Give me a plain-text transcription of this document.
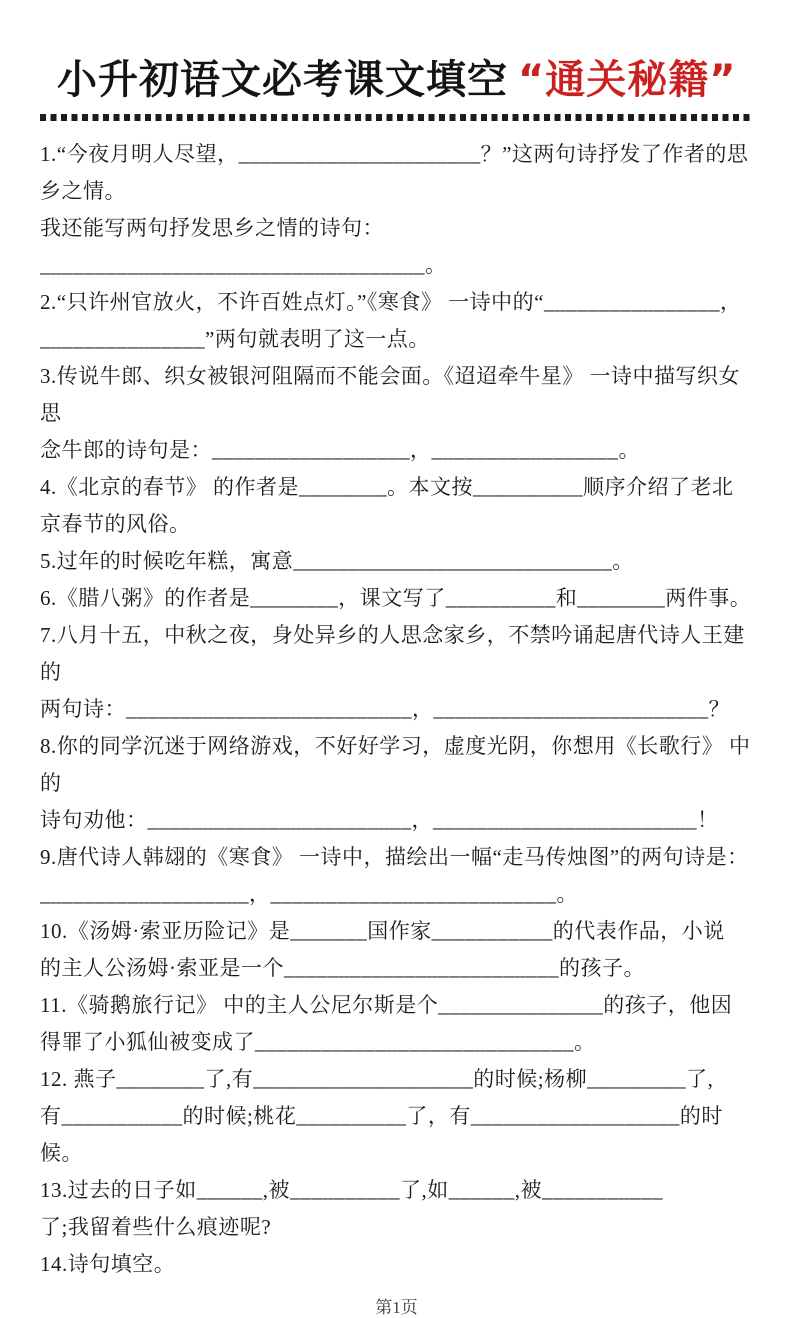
小升初语文必考课文填空 “通关秘籍”
1.“今夜月明人尽望，______________________？”这两句诗抒发了作者的思乡之情。
我还能写两句抒发思乡之情的诗句：___________________________________。
2.“只许州官放火，不许百姓点灯。”《寒食》 一诗中的“________________，
_______________”两句就表明了这一点。
3.传说牛郎、织女被银河阻隔而不能会面。《迢迢牵牛星》 一诗中描写织女思
念牛郎的诗句是：__________________，_________________。
4.《北京的春节》 的作者是________。本文按__________顺序介绍了老北
京春节的风俗。
5.过年的时候吃年糕，寓意_____________________________。
6.《腊八粥》的作者是________，课文写了__________和________两件事。
7.八月十五，中秋之夜，身处异乡的人思念家乡，不禁吟诵起唐代诗人王建的
两句诗：__________________________，_________________________？
8.你的同学沉迷于网络游戏，不好好学习，虚度光阴，你想用《长歌行》 中的
诗句劝他：________________________，________________________！
9.唐代诗人韩翃的《寒食》 一诗中，描绘出一幅“走马传烛图”的两句诗是：
___________________，__________________________。
10.《汤姆·索亚历险记》是_______国作家___________的代表作品，小说
的主人公汤姆·索亚是一个_________________________的孩子。
11.《骑鹅旅行记》 中的主人公尼尔斯是个_______________的孩子，他因
得罪了小狐仙被变成了_____________________________。
12. 燕子________了,有____________________的时候;杨柳_________了,
有___________的时候;桃花__________了，有___________________的时候。
13.过去的日子如______,被__________了,如______,被___________
了;我留着些什么痕迹呢?
14.诗句填空。
第1页
